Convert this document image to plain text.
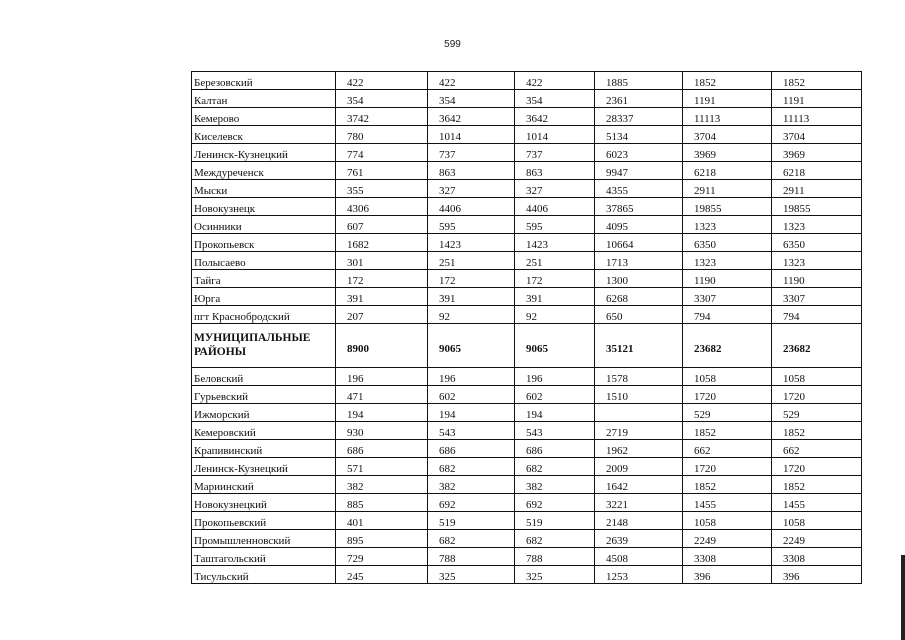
599
Березовский	422	422	422	1885	1852	1852
Калтан	354	354	354	2361	1191	1191
Кемерово	3742	3642	3642	28337	11113	11113
Киселевск	780	1014	1014	5134	3704	3704
Ленинск-Кузнецкий	774	737	737	6023	3969	3969
Междуреченск	761	863	863	9947	6218	6218
Мыски	355	327	327	4355	2911	2911
Новокузнецк	4306	4406	4406	37865	19855	19855
Осинники	607	595	595	4095	1323	1323
Прокопьевск	1682	1423	1423	10664	6350	6350
Полысаево	301	251	251	1713	1323	1323
Тайга	172	172	172	1300	1190	1190
Юрга	391	391	391	6268	3307	3307
пгт Краснобродский	207	92	92	650	794	794
МУНИЦИПАЛЬНЫЕ РАЙОНЫ	8900	9065	9065	35121	23682	23682
Беловский	196	196	196	1578	1058	1058
Гурьевский	471	602	602	1510	1720	1720
Ижморский	194	194	194		529	529
Кемеровский	930	543	543	2719	1852	1852
Крапивинский	686	686	686	1962	662	662
Ленинск-Кузнецкий	571	682	682	2009	1720	1720
Мариинский	382	382	382	1642	1852	1852
Новокузнецкий	885	692	692	3221	1455	1455
Прокопьевский	401	519	519	2148	1058	1058
Промышленновский	895	682	682	2639	2249	2249
Таштагольский	729	788	788	4508	3308	3308
Тисульский	245	325	325	1253	396	396
